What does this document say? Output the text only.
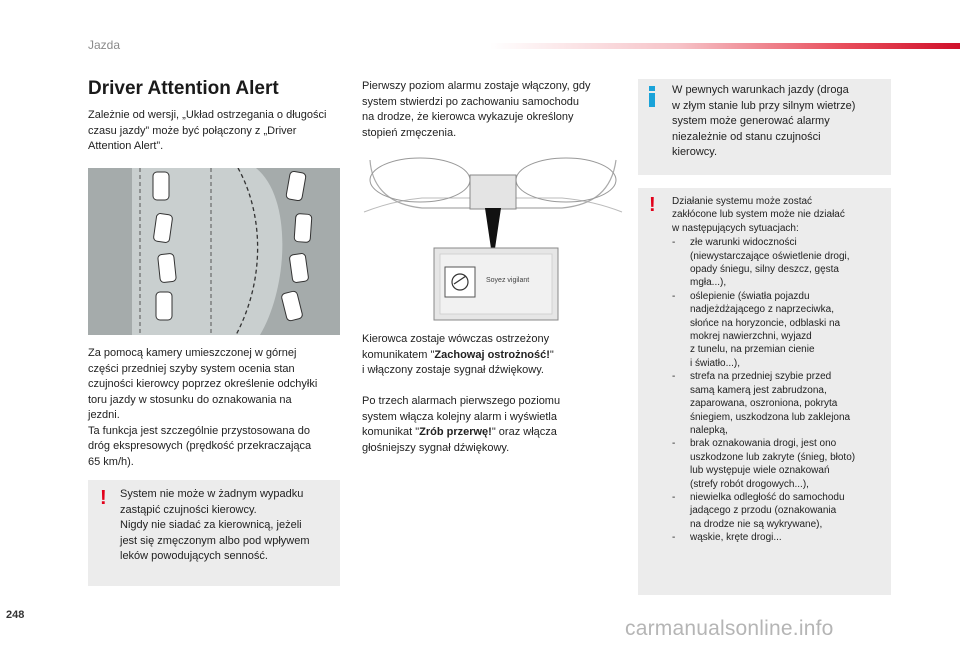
Jazda
Driver Attention Alert
Zależnie od wersji, „Układ ostrzegania o długości czasu jazdy” może być połączony z „Driver Attention Alert”.
Za pomocą kamery umieszczonej w górnej
części przedniej szyby system ocenia stan
czujności kierowcy poprzez określenie odchyłki
toru jazdy w stosunku do oznakowania na
jezdni.
Ta funkcja jest szczególnie przystosowana do
dróg ekspresowych (prędkość przekraczająca
65 km/h).
! System nie może w żadnym wypadku
zastąpić czujności kierowcy.
Nigdy nie siadać za kierownicą, jeżeli
jest się zmęczonym albo pod wpływem
leków powodujących senność.
Pierwszy poziom alarmu zostaje włączony, gdy
system stwierdzi po zachowaniu samochodu
na drodze, że kierowca wykazuje określony
stopień zmęczenia.
Soyez vigilant
Kierowca zostaje wówczas ostrzeżony
komunikatem "Zachowaj ostrożność!"
i włączony zostaje sygnał dźwiękowy.
Po trzech alarmach pierwszego poziomu
system włącza kolejny alarm i wyświetla
komunikat "Zrób przerwę!" oraz włącza
głośniejszy sygnał dźwiękowy.
W pewnych warunkach jazdy (droga
w złym stanie lub przy silnym wietrze)
system może generować alarmy
niezależnie od stanu czujności
kierowcy.
! Działanie systemu może zostać
zakłócone lub system może nie działać
w następujących sytuacjach:
- złe warunki widoczności
(niewystarczające oświetlenie drogi,
opady śniegu, silny deszcz, gęsta
mgła...),
- oślepienie (światła pojazdu
nadjeżdżającego z naprzeciwka,
słońce na horyzoncie, odblaski na
mokrej nawierzchni, wyjazd
z tunelu, na przemian cienie
i światło...),
- strefa na przedniej szybie przed
samą kamerą jest zabrudzona,
zaparowana, oszroniona, pokryta
śniegiem, uszkodzona lub zaklejona
nalepką,
- brak oznakowania drogi, jest ono
uszkodzone lub zakryte (śnieg, błoto)
lub występuje wiele oznakowań
(strefy robót drogowych...),
- niewielka odległość do samochodu
jadącego z przodu (oznakowania
na drodze nie są wykrywane),
- wąskie, kręte drogi...
248
carmanualsonline.info
